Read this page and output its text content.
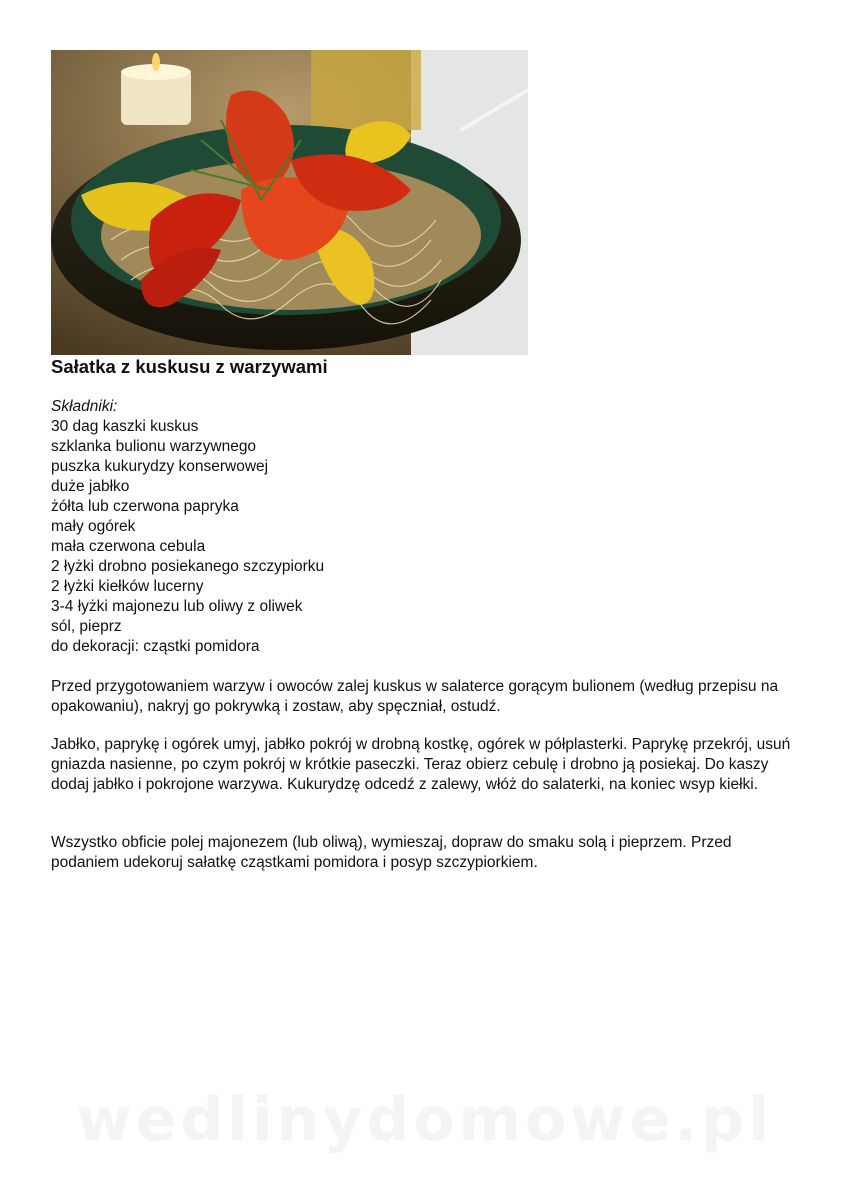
Sałatka z kuskusu z warzywami
Składniki:
30 dag kaszki kuskus
szklanka bulionu warzywnego
puszka kukurydzy konserwowej
duże jabłko
żółta lub czerwona papryka
mały ogórek
mała czerwona cebula
2 łyżki drobno posiekanego szczypiorku
2 łyżki kiełków lucerny
3-4 łyżki majonezu lub oliwy z oliwek
sól, pieprz
do dekoracji: cząstki pomidora

Przed przygotowaniem warzyw i owoców zalej kuskus w salaterce gorącym bulionem (według przepisu na opakowaniu), nakryj go pokrywką i zostaw, aby spęczniał, ostudź.

Jabłko, paprykę i ogórek umyj, jabłko pokrój w drobną kostkę, ogórek w półplasterki. Paprykę przekrój, usuń gniazda nasienne, po czym pokrój w krótkie paseczki. Teraz obierz cebulę i drobno ją posiekaj. Do kaszy dodaj jabłko i pokrojone warzywa. Kukurydzę odcedź z zalewy, włóż do salaterki, na koniec wsyp kiełki.

Wszystko obficie polej majonezem (lub oliwą), wymieszaj, dopraw do smaku solą i pieprzem. Przed podaniem udekoruj sałatkę cząstkami pomidora i posyp szczypiorkiem.

wedlinydomowe.pl
